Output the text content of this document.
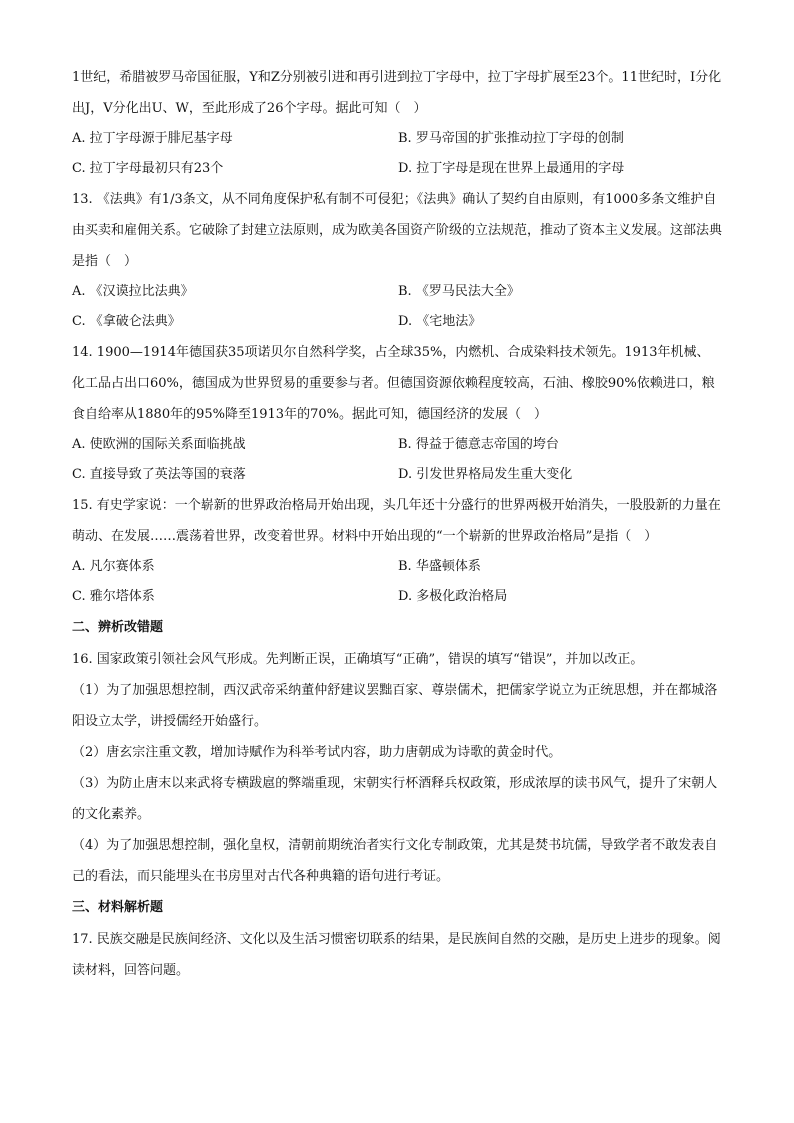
1世纪，希腊被罗马帝国征服，Y和Z分别被引进和再引进到拉丁字母中，拉丁字母扩展至23个。11世纪时，I分化出J，V分化出U、W，至此形成了26个字母。据此可知（　）

A. 拉丁字母源于腓尼基字母	B. 罗马帝国的扩张推动拉丁字母的创制
C. 拉丁字母最初只有23个	D. 拉丁字母是现在世界上最通用的字母

13. 《法典》有1/3条文，从不同角度保护私有制不可侵犯；《法典》确认了契约自由原则，有1000多条文维护自由买卖和雇佣关系。它破除了封建立法原则，成为欧美各国资产阶级的立法规范，推动了资本主义发展。这部法典是指（　）

A. 《汉谟拉比法典》	B. 《罗马民法大全》
C. 《拿破仑法典》	D. 《宅地法》

14. 1900—1914年德国获35项诺贝尔自然科学奖，占全球35%，内燃机、合成染料技术领先。1913年机械、化工品占出口60%，德国成为世界贸易的重要参与者。但德国资源依赖程度较高，石油、橡胶90%依赖进口，粮食自给率从1880年的95%降至1913年的70%。据此可知，德国经济的发展（　）

A. 使欧洲的国际关系面临挑战	B. 得益于德意志帝国的垮台
C. 直接导致了英法等国的衰落	D. 引发世界格局发生重大变化

15. 有史学家说：一个崭新的世界政治格局开始出现，头几年还十分盛行的世界两极开始消失，一股股新的力量在萌动、在发展……震荡着世界，改变着世界。材料中开始出现的“一个崭新的世界政治格局”是指（　）

A. 凡尔赛体系	B. 华盛顿体系
C. 雅尔塔体系	D. 多极化政治格局
二、辨析改错题

16. 国家政策引领社会风气形成。先判断正误，正确填写“正确”，错误的填写“错误”，并加以改正。

（1）为了加强思想控制，西汉武帝采纳董仲舒建议罢黜百家、尊崇儒术，把儒家学说立为正统思想，并在都城洛阳设立太学，讲授儒经开始盛行。

（2）唐玄宗注重文教，增加诗赋作为科举考试内容，助力唐朝成为诗歌的黄金时代。

（3）为防止唐末以来武将专横跋扈的弊端重现，宋朝实行杯酒释兵权政策，形成浓厚的读书风气，提升了宋朝人的文化素养。

（4）为了加强思想控制，强化皇权，清朝前期统治者实行文化专制政策，尤其是焚书坑儒，导致学者不敢发表自己的看法，而只能埋头在书房里对古代各种典籍的语句进行考证。

三、材料解析题

17. 民族交融是民族间经济、文化以及生活习惯密切联系的结果，是民族间自然的交融，是历史上进步的现象。阅读材料，回答问题。
